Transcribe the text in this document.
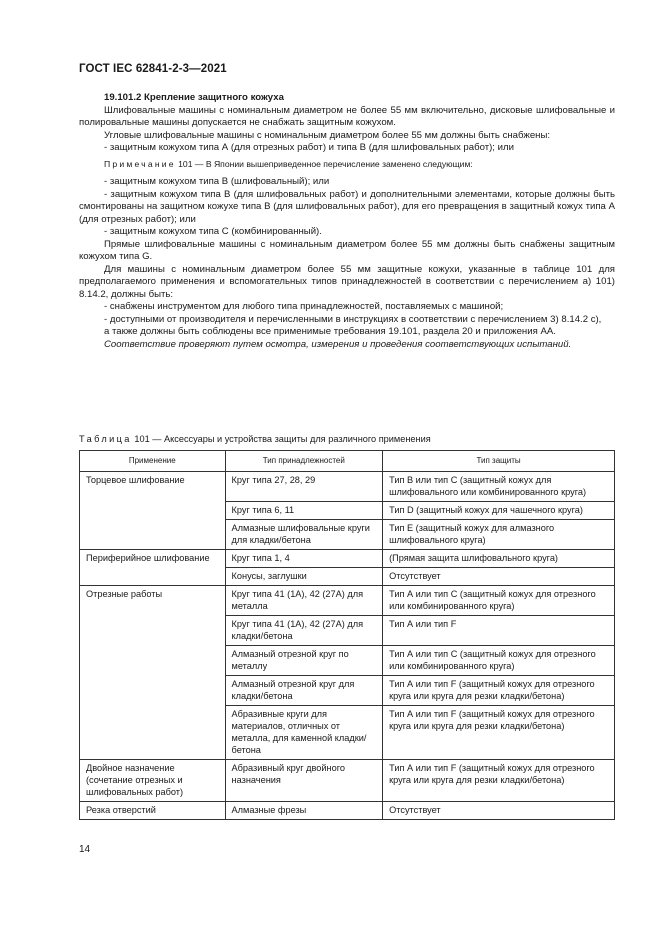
ГОСТ IEC 62841-2-3—2021

19.101.2 Крепление защитного кожуха

Шлифовальные машины с номинальным диаметром не более 55 мм включительно, дисковые шлифовальные и полировальные машины допускается не снабжать защитным кожухом.

Угловые шлифовальные машины с номинальным диаметром более 55 мм должны быть снабжены:

- защитным кожухом типа А (для отрезных работ) и типа В (для шлифовальных работ); или

Примечание 101 — В Японии вышеприведенное перечисление заменено следующим:

- защитным кожухом типа В (шлифовальный); или

- защитным кожухом типа В (для шлифовальных работ) и дополнительными элементами, которые должны быть смонтированы на защитном кожухе типа В (для шлифовальных работ), для его превращения в защитный кожух типа А (для отрезных работ); или

- защитным кожухом типа С (комбинированный).

Прямые шлифовальные машины с номинальным диаметром более 55 мм должны быть снабжены защитным кожухом типа G.

Для машины с номинальным диаметром более 55 мм защитные кожухи, указанные в таблице 101 для предполагаемого применения и вспомогательных типов принадлежностей в соответствии с перечислением а) 101) 8.14.2, должны быть:

- снабжены инструментом для любого типа принадлежностей, поставляемых с машиной;

- доступными от производителя и перечисленными в инструкциях в соответствии с перечислением 3) 8.14.2 с),

а также должны быть соблюдены все применимые требования 19.101, раздела 20 и приложения АА.

Соответствие проверяют путем осмотра, измерения и проведения соответствующих испытаний.

Таблица 101 — Аксессуары и устройства защиты для различного применения
Применение	Тип принадлежностей	Тип защиты
Торцевое шлифование	Круг типа 27, 28, 29	Тип В или тип С (защитный кожух для шлифовального или комбинированного круга)
	Круг типа 6, 11	Тип D (защитный кожух для чашечного круга)
	Алмазные шлифовальные круги для кладки/бетона	Тип Е (защитный кожух для алмазного шлифовального круга)
Периферийное шлифование	Круг типа 1, 4	(Прямая защита шлифовального круга)
	Конусы, заглушки	Отсутствует
Отрезные работы	Круг типа 41 (1А), 42 (27А) для металла	Тип А или тип С (защитный кожух для отрезного или комбинированного круга)
	Круг типа 41 (1А), 42 (27А) для кладки/бетона	Тип А или тип F
	Алмазный отрезной круг по металлу	Тип А или тип С (защитный кожух для отрезного или комбинированного круга)
	Алмазный отрезной круг для кладки/бетона	Тип А или тип F (защитный кожух для отрезного круга или круга для резки кладки/бетона)
	Абразивные круги для материалов, отличных от металла, для каменной кладки/бетона	Тип А или тип F (защитный кожух для отрезного круга или круга для резки кладки/бетона)
Двойное назначение (сочетание отрезных и шлифовальных работ)	Абразивный круг двойного назначения	Тип А или тип F (защитный кожух для отрезного круга или круга для резки кладки/бетона)
Резка отверстий	Алмазные фрезы	Отсутствует
14
